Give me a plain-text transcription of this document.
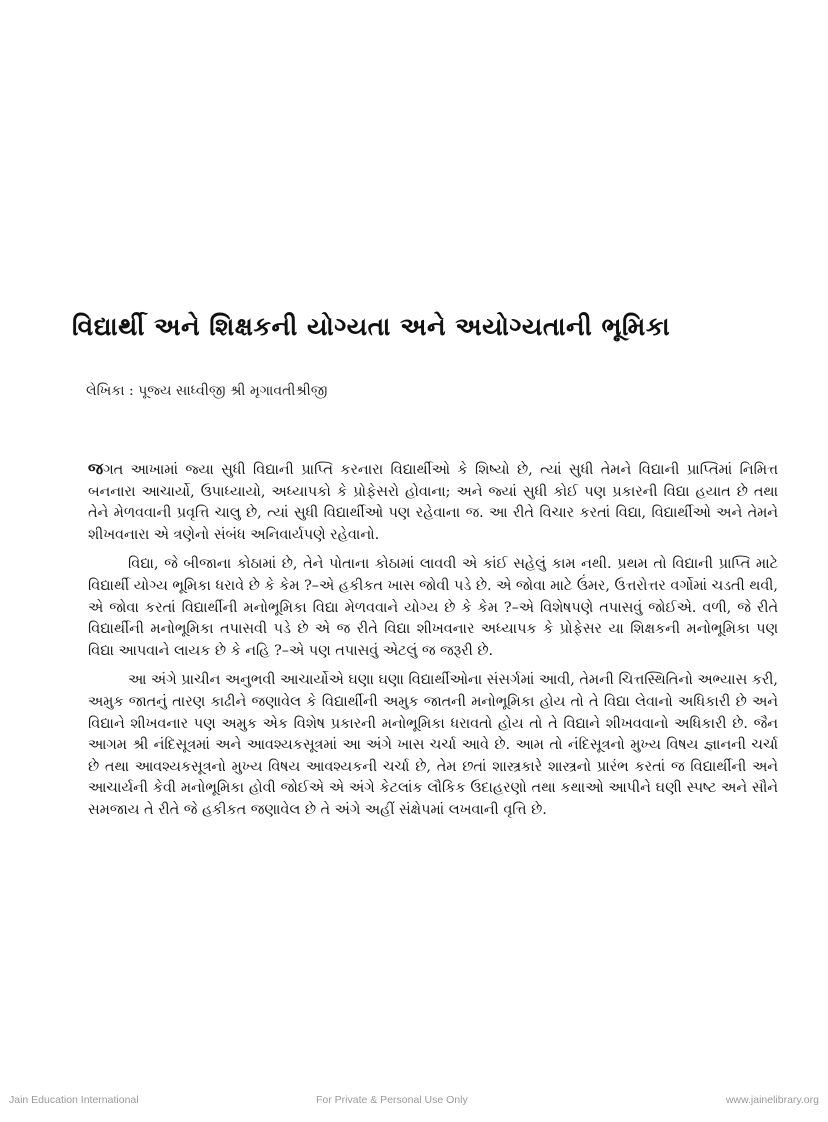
વિદ્યાર્થી અને શિક્ષકની યોગ્યતા અને અયોગ્યતાની ભૂમિકા
લેખિકા : પૂજ્ય સાધ્વીજી શ્રી મૃગાવતીશ્રીજી

જગત આખામાં જ્યા સુધી વિદ્યાની પ્રાપ્તિ કરનારા વિદ્યાર્થીઓ કે શિષ્યો છે, ત્યાં સુધી તેમને વિદ્યાની પ્રાપ્તિમાં નિમિત્ત બનનારા આચાર્યો, ઉપાધ્યાયો, અધ્યાપકો કે પ્રોફેસરો હોવાના; અને જ્યાં સુધી કોઈ પણ પ્રકારની વિદ્યા હયાત છે તથા તેને મેળવવાની પ્રવૃત્તિ ચાલુ છે, ત્યાં સુધી વિદ્યાર્થીઓ પણ રહેવાના જ. આ રીતે વિચાર કરતાં વિદ્યા, વિદ્યાર્થીઓ અને તેમને શીખવનારા એ ત્રણેનો સંબંધ અનિવાર્યપણે રહેવાનો.

વિદ્યા, જે બીજાના કોઠામાં છે, તેને પોતાના કોઠામાં લાવવી એ કાંઈ સહેલું કામ નથી. પ્રથમ તો વિદ્યાની પ્રાપ્તિ માટે વિદ્યાર્થી યોગ્ય ભૂમિકા ધરાવે છે કે કેમ ?–એ હકીકત ખાસ જોવી પડે છે. એ જોવા માટે ઉંમર, ઉત્તરોત્તર વર્ગોમાં ચડતી થવી, એ જોવા કરતાં વિદ્યાર્થીની મનોભૂમિકા વિદ્યા મેળવવાને યોગ્ય છે કે કેમ ?–એ વિશેષપણે તપાસવું જોઈએ. વળી, જે રીતે વિદ્યાર્થીની મનોભૂમિકા તપાસવી પડે છે એ જ રીતે વિદ્યા શીખવનાર અધ્યાપક કે પ્રોફેસર યા શિક્ષકની મનોભૂમિકા પણ વિદ્યા આપવાને લાયક છે કે નહિ ?–એ પણ તપાસવું એટલું જ જરૂરી છે.

આ અંગે પ્રાચીન અનુભવી આચાર્યોએ ઘણા ઘણા વિદ્યાર્થીઓના સંસર્ગમાં આવી, તેમની ચિત્તસ્થિતિનો અભ્યાસ કરી, અમુક જાતનું તારણ કાઢીને જણાવેલ કે વિદ્યાર્થીની અમુક જાતની મનોભૂમિકા હોય તો તે વિદ્યા લેવાનો અધિકારી છે અને વિદ્યાને શીખવનાર પણ અમુક એક વિશેષ પ્રકારની મનોભૂમિકા ધરાવતો હોય તો તે વિદ્યાને શીખવવાનો અધિકારી છે. જૈન આગમ શ્રી નંદિસૂત્રમાં અને આવશ્યકસૂત્રમાં આ અંગે ખાસ ચર્ચા આવે છે. આમ તો નંદિસૂત્રનો મુખ્ય વિષય જ્ઞાનની ચર્ચા છે તથા આવશ્યકસૂત્રનો મુખ્ય વિષય આવશ્યકની ચર્ચા છે, તેમ છતાં શાસ્ત્રકારે શાસ્ત્રનો પ્રારંભ કરતાં જ વિદ્યાર્થીની અને આચાર્યની કેવી મનોભૂમિકા હોવી જોઈએ એ અંગે કેટલાંક લૌકિક ઉદાહરણો તથા કથાઓ આપીને ઘણી સ્પષ્ટ અને સૌને સમજાય તે રીતે જે હકીકત જણાવેલ છે તે અંગે અહીં સંક્ષેપમાં લખવાની વૃત્તિ છે.

Jain Education International	For Private & Personal Use Only	www.jainelibrary.org
